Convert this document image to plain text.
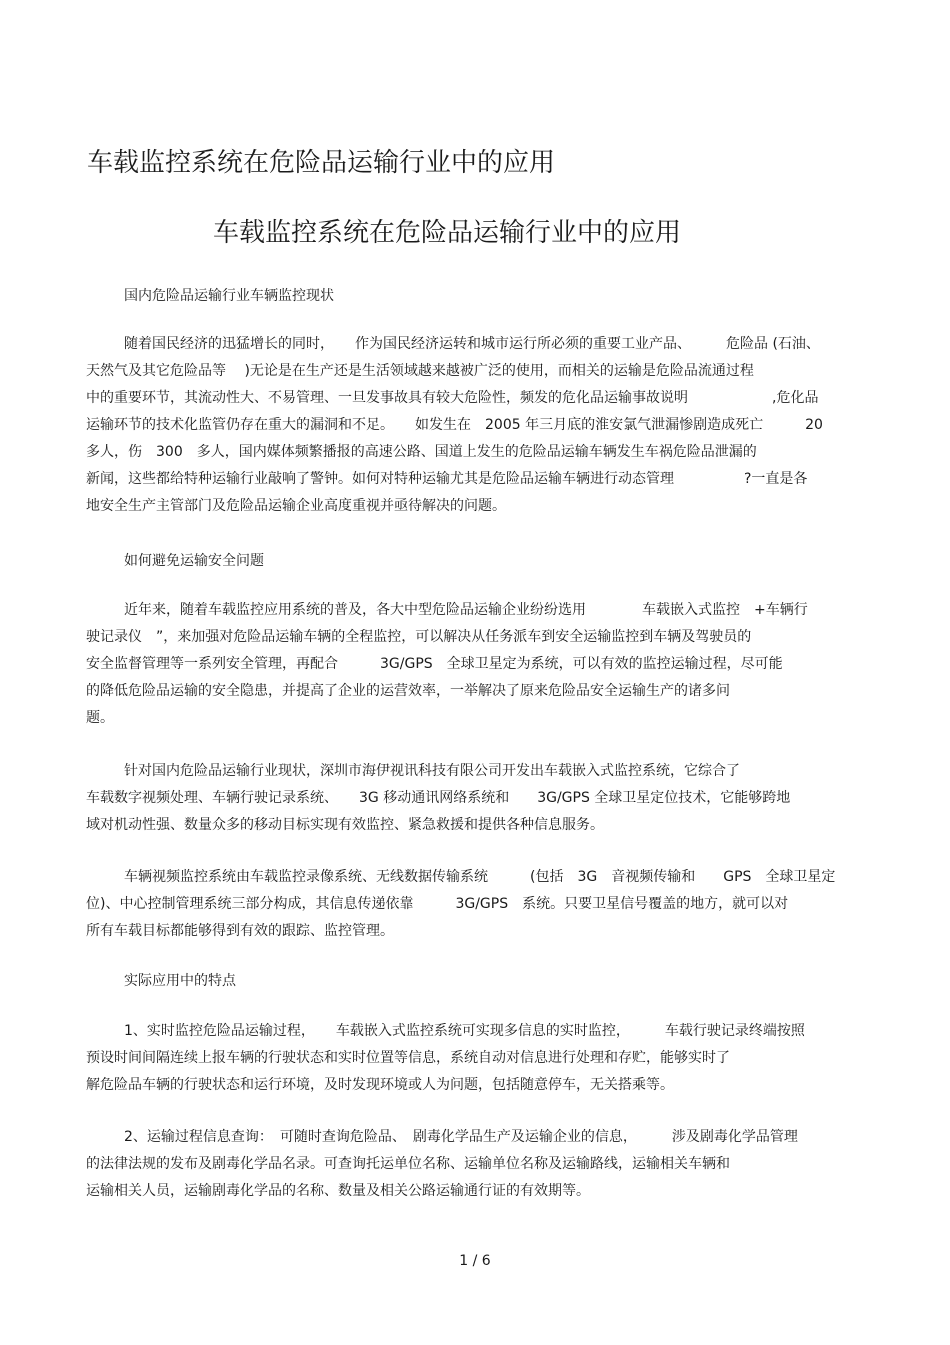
车载监控系统在危险品运输行业中的应用
车载监控系统在危险品运输行业中的应用
国内危险品运输行业车辆监控现状
随着国民经济的迅猛增长的同时，　　作为国民经济运转和城市运行所必须的重要工业产品、　　　危险品 (石油、
天然气及其它危险品等　 )无论是在生产还是生活领域越来越被广泛的使用，而相关的运输是危险品流通过程
中的重要环节，其流动性大、不易管理、一旦发事故具有较大危险性，频发的危化品运输事故说明　　　　　　,危化品
运输环节的技术化监管仍存在重大的漏洞和不足。　　如发生在　2005 年三月底的淮安氯气泄漏惨剧造成死亡　　　20
多人，伤　300　多人，国内媒体频繁播报的高速公路、国道上发生的危险品运输车辆发生车祸危险品泄漏的
新闻，这些都给特种运输行业敲响了警钟。如何对特种运输尤其是危险品运输车辆进行动态管理　　　　　?一直是各
地安全生产主管部门及危险品运输企业高度重视并亟待解决的问题。
如何避免运输安全问题
近年来，随着车载监控应用系统的普及，各大中型危险品运输企业纷纷选用　　　　车载嵌入式监控　+车辆行
驶记录仪　”，来加强对危险品运输车辆的全程监控，可以解决从任务派车到安全运输监控到车辆及驾驶员的
安全监督管理等一系列安全管理，再配合　　　3G/GPS　全球卫星定为系统，可以有效的监控运输过程，尽可能
的降低危险品运输的安全隐患，并提高了企业的运营效率，一举解决了原来危险品安全运输生产的诸多问
题。
针对国内危险品运输行业现状，深圳市海伊视讯科技有限公司开发出车载嵌入式监控系统，它综合了
车载数字视频处理、车辆行驶记录系统、　　3G 移动通讯网络系统和　　3G/GPS 全球卫星定位技术，它能够跨地
域对机动性强、数量众多的移动目标实现有效监控、紧急救援和提供各种信息服务。
车辆视频监控系统由车载监控录像系统、无线数据传输系统　　　(包括　3G　音视频传输和　　GPS　全球卫星定
位)、中心控制管理系统三部分构成，其信息传递依靠　　　3G/GPS　系统。只要卫星信号覆盖的地方，就可以对
所有车载目标都能够得到有效的跟踪、监控管理。
实际应用中的特点
1、实时监控危险品运输过程，　　车载嵌入式监控系统可实现多信息的实时监控，　　　车载行驶记录终端按照
预设时间间隔连续上报车辆的行驶状态和实时位置等信息，系统自动对信息进行处理和存贮，能够实时了
解危险品车辆的行驶状态和运行环境，及时发现环境或人为问题，包括随意停车，无关搭乘等。
2、运输过程信息查询：　可随时查询危险品、　剧毒化学品生产及运输企业的信息，　　　涉及剧毒化学品管理
的法律法规的发布及剧毒化学品名录。可查询托运单位名称、运输单位名称及运输路线，运输相关车辆和
运输相关人员，运输剧毒化学品的名称、数量及相关公路运输通行证的有效期等。
1 / 6
